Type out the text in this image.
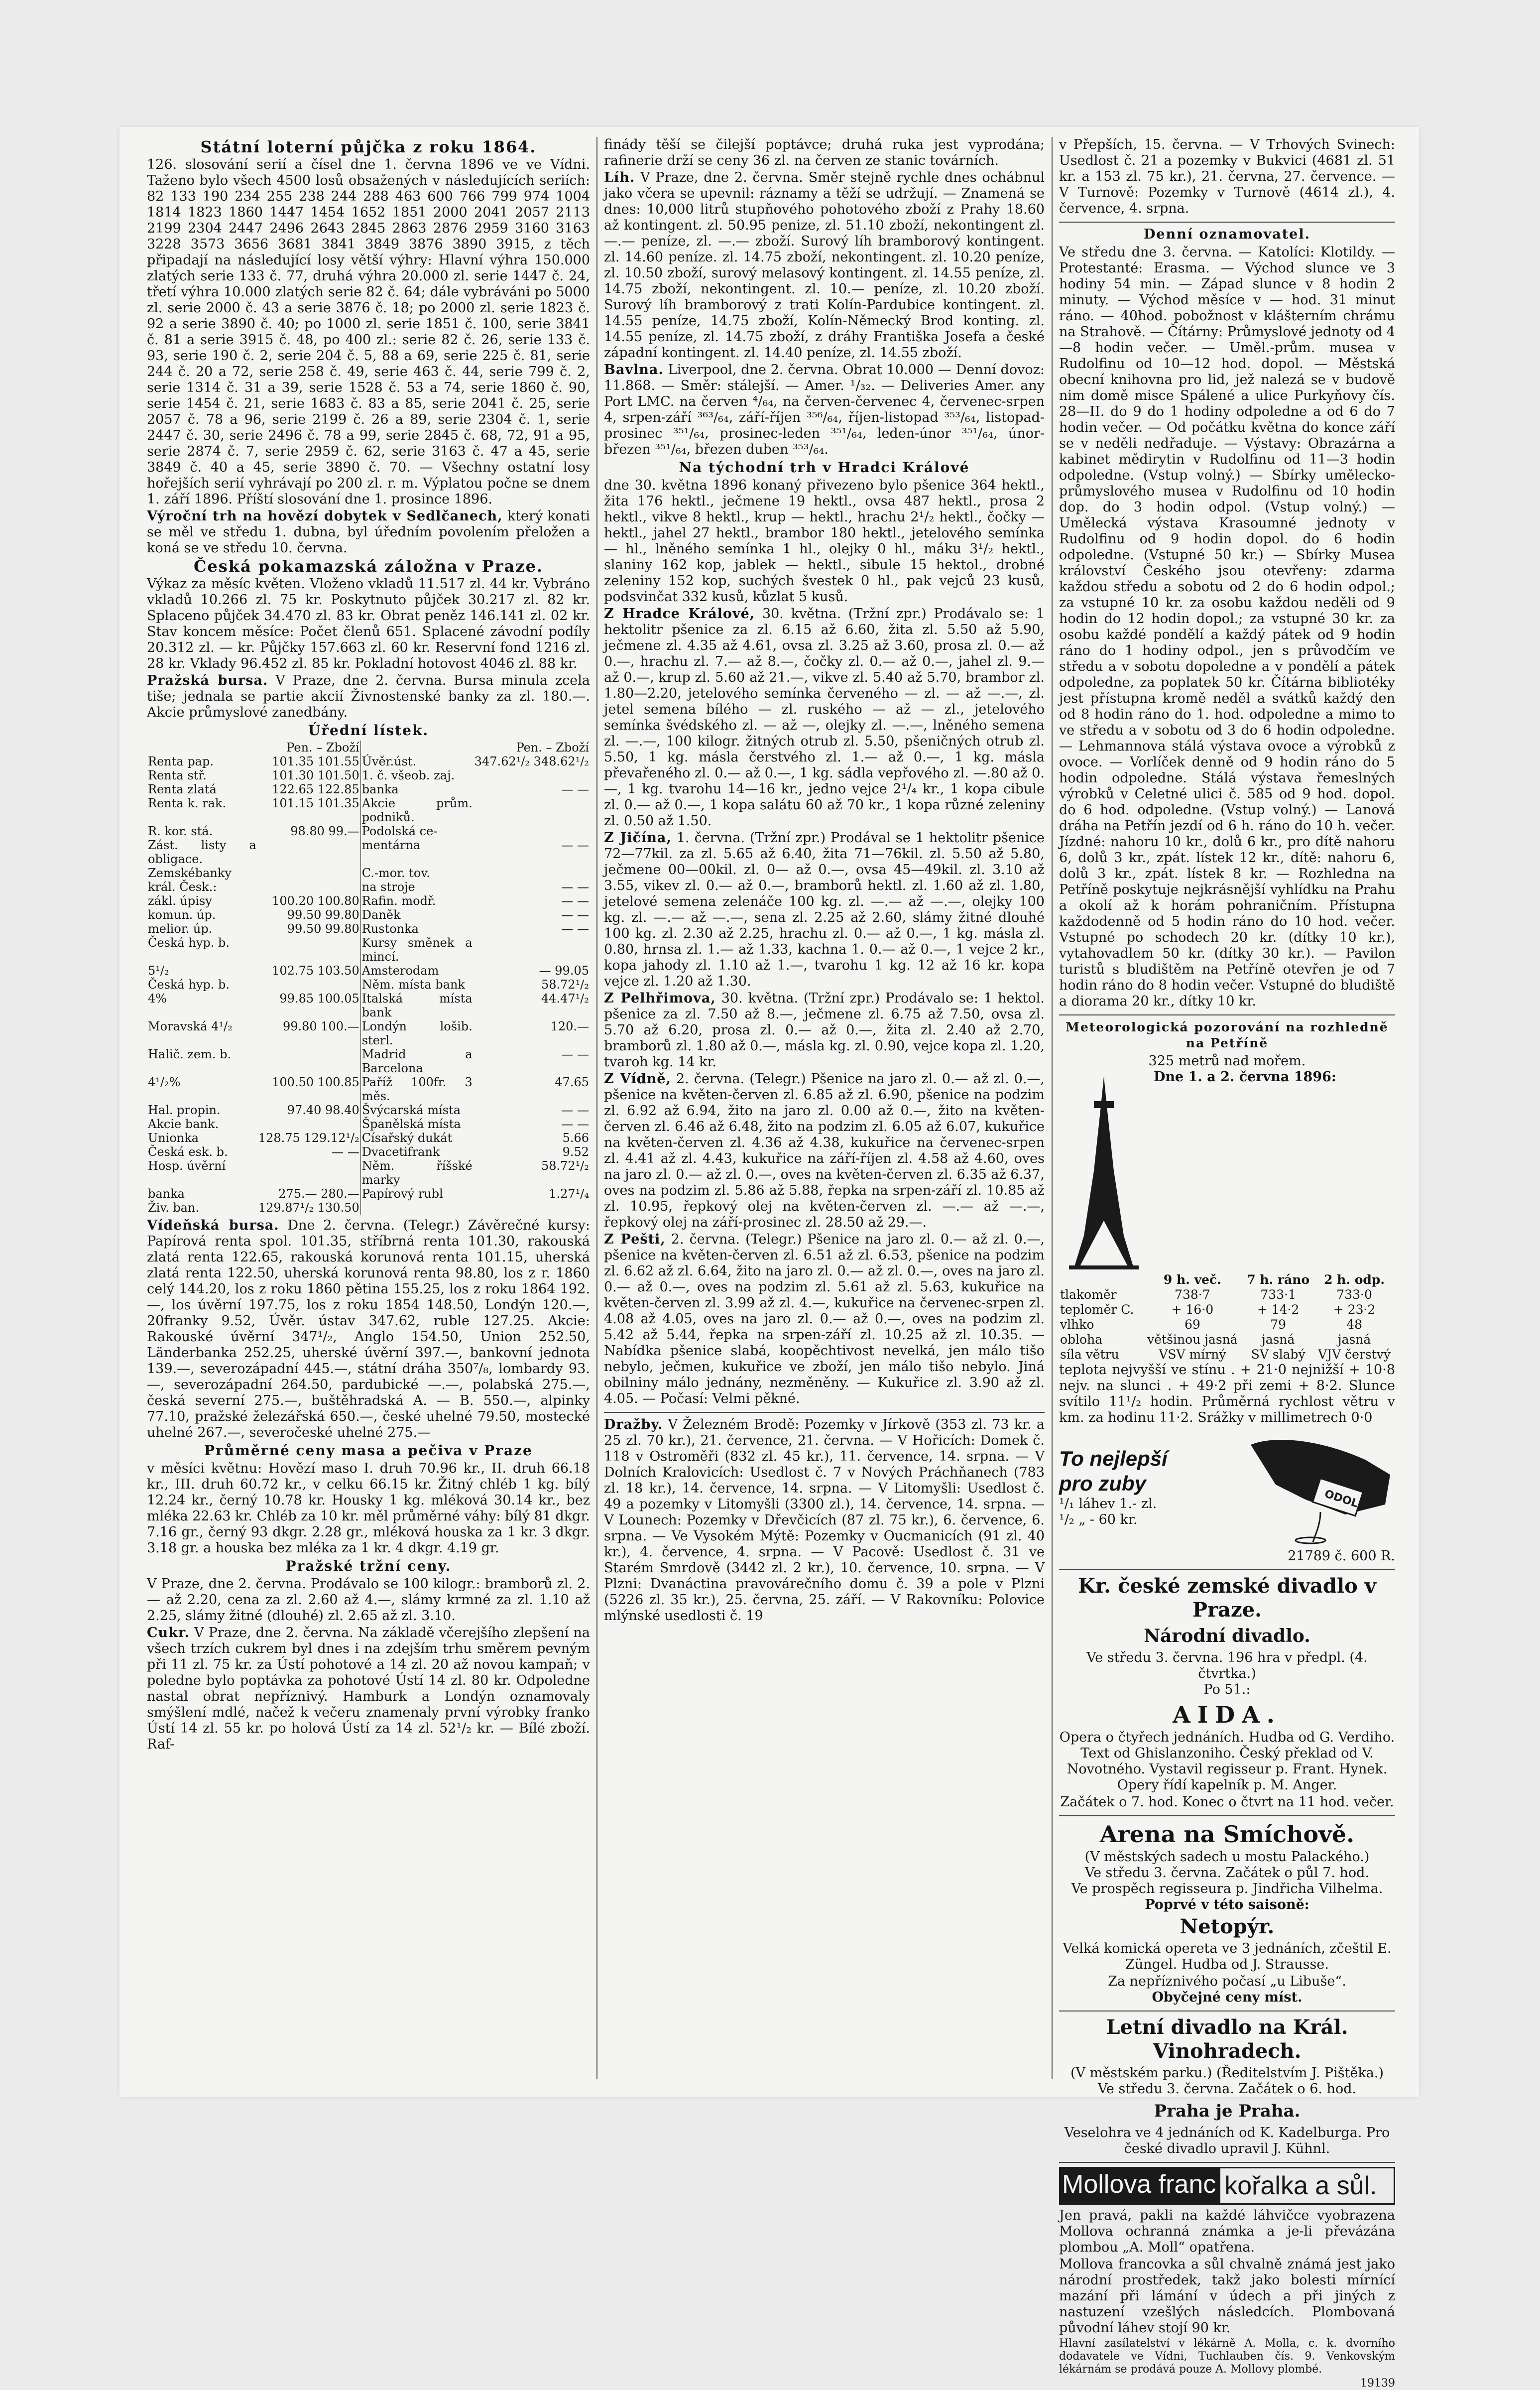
Státní loterní půjčka z roku 1864.

126. slosování serií a čísel dne 1. června 1896 ve ve Vídni. Taženo bylo všech 4500 losů obsažených v následujících seriích: 82 133 190 234 255 238 244 288 463 600 766 799 974 1004 1814 1823 1860 1447 1454 1652 1851 2000 2041 2057 2113 2199 2304 2447 2496 2643 2845 2863 2876 2959 3160 3163 3228 3573 3656 3681 3841 3849 3876 3890 3915, z těch připadají na následující losy větší výhry: Hlavní výhra 150.000 zlatých serie 133 č. 77, druhá výhra 20.000 zl. serie 1447 č. 24, třetí výhra 10.000 zlatých serie 82 č. 64; dále vybráváni po 5000 zl. serie 2000 č. 43 a serie 3876 č. 18; po 2000 zl. serie 1823 č. 92 a serie 3890 č. 40; po 1000 zl. serie 1851 č. 100, serie 3841 č. 81 a serie 3915 č. 48, po 400 zl.: serie 82 č. 26, serie 133 č. 93, serie 190 č. 2, serie 204 č. 5, 88 a 69, serie 225 č. 81, serie 244 č. 20 a 72, serie 258 č. 49, serie 463 č. 44, serie 799 č. 2, serie 1314 č. 31 a 39, serie 1528 č. 53 a 74, serie 1860 č. 90, serie 1454 č. 21, serie 1683 č. 83 a 85, serie 2041 č. 25, serie 2057 č. 78 a 96, serie 2199 č. 26 a 89, serie 2304 č. 1, serie 2447 č. 30, serie 2496 č. 78 a 99, serie 2845 č. 68, 72, 91 a 95, serie 2874 č. 7, serie 2959 č. 62, serie 3163 č. 47 a 45, serie 3849 č. 40 a 45, serie 3890 č. 70. — Všechny ostatní losy hořejších serií vyhrávají po 200 zl. r. m. Výplatou počne se dnem 1. září 1896. Příští slosování dne 1. prosince 1896.

Výroční trh na hovězí dobytek v Sedlčanech, který konati se měl ve středu 1. dubna, byl úředním povolením přeložen a koná se ve středu 10. června.

Česká pokamazská záložna v Praze.

Výkaz za měsíc květen. Vloženo vkladů 11.517 zl. 44 kr. Vybráno vkladů 10.266 zl. 75 kr. Poskytnuto půjček 30.217 zl. 82 kr. Splaceno půjček 34.470 zl. 83 kr. Obrat peněz 146.141 zl. 02 kr. Stav koncem měsíce: Počet členů 651. Splacené závodní podíly 20.312 zl. — kr. Půjčky 157.663 zl. 60 kr. Reservní fond 1216 zl. 28 kr. Vklady 96.452 zl. 85 kr. Pokladní hotovost 4046 zl. 88 kr.

Pražská bursa. V Praze, dne 2. června. Bursa minula zcela tiše; jednala se partie akcií Živnostenské banky za zl. 180.—. Akcie průmyslové zanedbány.

Úřední lístek.
	Pen. – Zboží		Pen. – Zboží
Renta pap.	101.35 101.55	Úvěr.úst.	347.62¹/₂ 348.62¹/₂
Renta stř.	101.30 101.50	1. č. všeob. zaj.	
Renta zlatá	122.65 122.85	banka	— —
Renta k. rak.	101.15 101.35	Akcie prům. podniků.	
R. kor. stá.	98.80 99.—	Podolská ce-	
Zást. listy a obligace.		mentárna	— —
Zemskébanky		C.-mor. tov.	
král. Česk.:		na stroje	— —
zákl. úpisy	100.20 100.80	Rafin. modř.	— —
komun. úp.	99.50 99.80	Daněk	— —
melior. úp.	99.50 99.80	Rustonka	— —
Česká hyp. b.		Kursy směnek a mincí.	
5¹/₂	102.75 103.50	Amsterodam	— 99.05
Česká hyp. b.		Něm. místa bank	58.72¹/₂
4%	99.85 100.05	Italská místa bank	44.47¹/₂
Moravská 4¹/₂	99.80 100.—	Londýn lošib. sterl.	120.—
Halič. zem. b.		Madrid a Barcelona	— —
4¹/₂%	100.50 100.85	Paříž 100fr. 3 měs.	47.65
Hal. propin.	97.40 98.40	Švýcarská místa	— —
Akcie bank.		Španělská místa	— —
Unionka	128.75 129.12¹/₂	Císařský dukát	5.66
Česká esk. b.	— —	Dvacetifrank	9.52
Hosp. úvěrní		Něm. říšské marky	58.72¹/₂
banka	275.— 280.—	Papírový rubl	1.27¹/₄
Živ. ban.	129.87¹/₂ 130.50		

Vídeňská bursa. Dne 2. června. (Telegr.) Závěrečné kursy: Papírová renta spol. 101.35, stříbrná renta 101.30, rakouská zlatá renta 122.65, rakouská korunová renta 101.15, uherská zlatá renta 122.50, uherská korunová renta 98.80, los z r. 1860 celý 144.20, los z roku 1860 pětina 155.25, los z roku 1864 192.—, los úvěrní 197.75, los z roku 1854 148.50, Londýn 120.—, 20franky 9.52, Úvěr. ústav 347.62, ruble 127.25. Akcie: Rakouské úvěrní 347¹/₂, Anglo 154.50, Union 252.50, Länderbanka 252.25, uherské úvěrní 397.—, bankovní jednota 139.—, severozápadní 445.—, státní dráha 350⁷/₈, lombardy 93.—, severozápadní 264.50, pardubické —.—, polabská 275.—, česká severní 275.—, buštěhradská A. — B. 550.—, alpinky 77.10, pražské železářská 650.—, české uhelné 79.50, mostecké uhelné 267.—, severočeské uhelné 275.—

Průměrné ceny masa a pečiva v Praze

v měsíci květnu: Hovězí maso I. druh 70.96 kr., II. druh 66.18 kr., III. druh 60.72 kr., v celku 66.15 kr. Žitný chléb 1 kg. bílý 12.24 kr., černý 10.78 kr. Housky 1 kg. mléková 30.14 kr., bez mléka 22.63 kr. Chléb za 10 kr. měl průměrné váhy: bílý 81 dkgr. 7.16 gr., černý 93 dkgr. 2.28 gr., mléková houska za 1 kr. 3 dkgr. 3.18 gr. a houska bez mléka za 1 kr. 4 dkgr. 4.19 gr.

Pražské tržní ceny.

V Praze, dne 2. června. Prodávalo se 100 kilogr.: bramborů zl. 2.— až 2.20, cena za zl. 2.60 až 4.—, slámy krmné za zl. 1.10 až 2.25, slámy žitné (dlouhé) zl. 2.65 až zl. 3.10.

Cukr. V Praze, dne 2. června. Na základě včerejšího zlepšení na všech trzích cukrem byl dnes i na zdejším trhu směrem pevným při 11 zl. 75 kr. za Ústí pohotové a 14 zl. 20 až novou kampaň; v poledne bylo poptávka za pohotové Ústí 14 zl. 80 kr. Odpoledne nastal obrat nepříznivý. Hamburk a Londýn oznamovaly smýšlení mdlé, načež k večeru znamenaly první výrobky franko Ústí 14 zl. 55 kr. po holová Ústí za 14 zl. 52¹/₂ kr. — Bílé zboží. Raf-

finády těší se čilejší poptávce; druhá ruka jest vyprodána; rafinerie drží se ceny 36 zl. na červen ze stanic továrních.

Líh. V Praze, dne 2. června. Směr stejně rychle dnes ochábnul jako včera se upevnil: ráznamy a těží se udržují. — Znamená se dnes: 10,000 litrů stupňového pohotového zboží z Prahy 18.60 až kontingent. zl. 50.95 penize, zl. 51.10 zboží, nekontingent zl. —.— peníze, zl. —.— zboží. Surový líh bramborový kontingent. zl. 14.60 peníze. zl. 14.75 zboží, nekontingent. zl. 10.20 peníze, zl. 10.50 zboží, surový melasový kontingent. zl. 14.55 peníze, zl. 14.75 zboží, nekontingent. zl. 10.— peníze, zl. 10.20 zboží. Surový líh bramborový z trati Kolín-Pardubice kontingent. zl. 14.55 peníze, 14.75 zboží, Kolín-Německý Brod konting. zl. 14.55 peníze, zl. 14.75 zboží, z dráhy Františka Josefa a české západní kontingent. zl. 14.40 peníze, zl. 14.55 zboží.

Bavlna. Liverpool, dne 2. června. Obrat 10.000 — Denní dovoz: 11.868. — Směr: stálejší. — Amer. ¹/₃₂. — Deliveries Amer. any Port LMC. na červen ⁴/₆₄, na červen-červenec 4, červenec-srpen 4, srpen-září ³⁶³/₆₄, září-říjen ³⁵⁶/₆₄, říjen-listopad ³⁵³/₆₄, listopad-prosinec ³⁵¹/₆₄, prosinec-leden ³⁵¹/₆₄, leden-únor ³⁵¹/₆₄, únor-březen ³⁵¹/₆₄, březen duben ³⁵³/₆₄.

Na týchodní trh v Hradci Králové

dne 30. května 1896 konaný přivezeno bylo pšenice 364 hektl., žita 176 hektl., ječmene 19 hektl., ovsa 487 hektl., prosa 2 hektl., vikve 8 hektl., krup — hektl., hrachu 2¹/₂ hektl., čočky — hektl., jahel 27 hektl., brambor 180 hektl., jetelového semínka — hl., lněného semínka 1 hl., olejky 0 hl., máku 3¹/₂ hektl., slaniny 162 kop, jablek — hektl., sibule 15 hektol., drobné zeleniny 152 kop, suchých švestek 0 hl., pak vejců 23 kusů, podsvinčat 332 kusů, kůzlat 5 kusů.

Z Hradce Králové, 30. května. (Tržní zpr.) Prodávalo se: 1 hektolitr pšenice za zl. 6.15 až 6.60, žita zl. 5.50 až 5.90, ječmene zl. 4.35 až 4.61, ovsa zl. 3.25 až 3.60, prosa zl. 0.— až 0.—, hrachu zl. 7.— až 8.—, čočky zl. 0.— až 0.—, jahel zl. 9.— až 0.—, krup zl. 5.60 až 21.—, vikve zl. 5.40 až 5.70, brambor zl. 1.80—2.20, jetelového semínka červeného — zl. — až —.—, zl. jetel semena bílého — zl. ruského — až — zl., jetelového semínka švédského zl. — až —, olejky zl. —.—, lněného semena zl. —.—, 100 kilogr. žitných otrub zl. 5.50, pšeničných otrub zl. 5.50, 1 kg. másla čerstvého zl. 1.— až 0.—, 1 kg. másla převařeného zl. 0.— až 0.—, 1 kg. sádla vepřového zl. —.80 až 0.—, 1 kg. tvarohu 14—16 kr., jedno vejce 2¹/₄ kr., 1 kopa cibule zl. 0.— až 0.—, 1 kopa salátu 60 až 70 kr., 1 kopa různé zeleniny zl. 0.50 až 1.50.

Z Jičína, 1. června. (Tržní zpr.) Prodával se 1 hektolitr pšenice 72—77kil. za zl. 5.65 až 6.40, žita 71—76kil. zl. 5.50 až 5.80, ječmene 00—00kil. zl. 0— až 0.—, ovsa 45—49kil. zl. 3.10 až 3.55, vikev zl. 0.— až 0.—, bramborů hektl. zl. 1.60 až zl. 1.80, jetelové semena zelenáče 100 kg. zl. —.— až —.—, olejky 100 kg. zl. —.— až —.—, sena zl. 2.25 až 2.60, slámy žitné dlouhé 100 kg. zl. 2.30 až 2.25, hrachu zl. 0.— až 0.—, 1 kg. másla zl. 0.80, hrnsa zl. 1.— až 1.33, kachna 1. 0.— až 0.—, 1 vejce 2 kr., kopa jahody zl. 1.10 až 1.—, tvarohu 1 kg. 12 až 16 kr. kopa vejce zl. 1.20 až 1.30.

Z Pelhřimova, 30. května. (Tržní zpr.) Prodávalo se: 1 hektol. pšenice za zl. 7.50 až 8.—, ječmene zl. 6.75 až 7.50, ovsa zl. 5.70 až 6.20, prosa zl. 0.— až 0.—, žita zl. 2.40 až 2.70, bramborů zl. 1.80 až 0.—, másla kg. zl. 0.90, vejce kopa zl. 1.20, tvaroh kg. 14 kr.

Z Vídně, 2. června. (Telegr.) Pšenice na jaro zl. 0.— až zl. 0.—, pšenice na květen-červen zl. 6.85 až zl. 6.90, pšenice na podzim zl. 6.92 až 6.94, žito na jaro zl. 0.00 až 0.—, žito na květen-červen zl. 6.46 až 6.48, žito na podzim zl. 6.05 až 6.07, kukuřice na květen-červen zl. 4.36 až 4.38, kukuřice na červenec-srpen zl. 4.41 až zl. 4.43, kukuřice na září-říjen zl. 4.58 až 4.60, oves na jaro zl. 0.— až zl. 0.—, oves na květen-červen zl. 6.35 až 6.37, oves na podzim zl. 5.86 až 5.88, řepka na srpen-září zl. 10.85 až zl. 10.95, řepkový olej na květen-červen zl. —.— až —.—, řepkový olej na září-prosinec zl. 28.50 až 29.—.

Z Pešti, 2. června. (Telegr.) Pšenice na jaro zl. 0.— až zl. 0.—, pšenice na květen-červen zl. 6.51 až zl. 6.53, pšenice na podzim zl. 6.62 až zl. 6.64, žito na jaro zl. 0.— až zl. 0.—, oves na jaro zl. 0.— až 0.—, oves na podzim zl. 5.61 až zl. 5.63, kukuřice na květen-červen zl. 3.99 až zl. 4.—, kukuřice na červenec-srpen zl. 4.08 až 4.05, oves na jaro zl. 0.— až 0.—, oves na podzim zl. 5.42 až 5.44, řepka na srpen-září zl. 10.25 až zl. 10.35. — Nabídka pšenice slabá, koopěchtivost nevelká, jen málo tišo nebylo, ječmen, kukuřice ve zboží, jen málo tišo nebylo. Jiná obilniny málo jednány, nezměněny. — Kukuřice zl. 3.90 až zl. 4.05. — Počasí: Velmi pěkné.

Dražby. V Železném Brodě: Pozemky v Jírkově (353 zl. 73 kr. a 25 zl. 70 kr.), 21. července, 21. června. — V Hořicích: Domek č. 118 v Ostroměři (832 zl. 45 kr.), 11. července, 14. srpna. — V Dolních Kralovicích: Usedlost č. 7 v Nových Práchňanech (783 zl. 18 kr.), 14. července, 14. srpna. — V Litomyšli: Usedlost č. 49 a pozemky v Litomyšli (3300 zl.), 14. července, 14. srpna. — V Lounech: Pozemky v Dřevčicích (87 zl. 75 kr.), 6. července, 6. srpna. — Ve Vysokém Mýtě: Pozemky v Oucmanicích (91 zl. 40 kr.), 4. července, 4. srpna. — V Pacově: Usedlost č. 31 ve Starém Smrdově (3442 zl. 2 kr.), 10. července, 10. srpna. — V Plzni: Dvanáctina pravovárečního domu č. 39 a pole v Plzni (5226 zl. 35 kr.), 25. června, 25. září. — V Rakovníku: Polovice mlýnské usedlosti č. 19

v Přepších, 15. června. — V Trhových Svinech: Usedlost č. 21 a pozemky v Bukvici (4681 zl. 51 kr. a 153 zl. 75 kr.), 21. června, 27. července. — V Turnově: Pozemky v Turnově (4614 zl.), 4. července, 4. srpna.

Denní oznamovatel.

Ve středu dne 3. června. — Katolíci: Klotildy. — Protestanté: Erasma. — Východ slunce ve 3 hodiny 54 min. — Západ slunce v 8 hodin 2 minuty. — Východ měsíce v — hod. 31 minut ráno. — 40hod. pobožnost v klášterním chrámu na Strahově. — Čítárny: Průmyslové jednoty od 4—8 hodin večer. — Uměl.-prům. musea v Rudolfinu od 10—12 hod. dopol. — Městská obecní knihovna pro lid, jež nalezá se v budově nim domě misce Spálené a ulice Purkyňovy čís. 28—II. do 9 do 1 hodiny odpoledne a od 6 do 7 hodin večer. — Od počátku května do konce září se v neděli nedřaduje. — Výstavy: Obrazárna a kabinet mědirytin v Rudolfinu od 11—3 hodin odpoledne. (Vstup volný.) — Sbírky umělecko-průmyslového musea v Rudolfinu od 10 hodin dop. do 3 hodin odpol. (Vstup volný.) — Umělecká výstava Krasoumné jednoty v Rudolfinu od 9 hodin dopol. do 6 hodin odpoledne. (Vstupné 50 kr.) — Sbírky Musea království Českého jsou otevřeny: zdarma každou středu a sobotu od 2 do 6 hodin odpol.; za vstupné 10 kr. za osobu každou neděli od 9 hodin do 12 hodin dopol.; za vstupné 30 kr. za osobu každé pondělí a každý pátek od 9 hodin ráno do 1 hodiny odpol., jen s průvodčím ve středu a v sobotu dopoledne a v pondělí a pátek odpoledne, za poplatek 50 kr. Čítárna bibliotéky jest přístupna kromě neděl a svátků každý den od 8 hodin ráno do 1. hod. odpoledne a mimo to ve středu a v sobotu od 3 do 6 hodin odpoledne. — Lehmannova stálá výstava ovoce a výrobků z ovoce. — Vorlíček denně od 9 hodin ráno do 5 hodin odpoledne. Stálá výstava řemeslných výrobků v Celetné ulici č. 585 od 9 hod. dopol. do 6 hod. odpoledne. (Vstup volný.) — Lanová dráha na Petřín jezdí od 6 h. ráno do 10 h. večer. Jízdné: nahoru 10 kr., dolů 6 kr., pro dítě nahoru 6, dolů 3 kr., zpát. lístek 12 kr., dítě: nahoru 6, dolů 3 kr., zpát. lístek 8 kr. — Rozhledna na Petříně poskytuje nejkrásnější vyhlídku na Prahu a okolí až k horám pohraničním. Přístupna každodenně od 5 hodin ráno do 10 hod. večer. Vstupné po schodech 20 kr. (dítky 10 kr.), vytahovadlem 50 kr. (dítky 30 kr.). — Pavilon turistů s bludištěm na Petříně otevřen je od 7 hodin ráno do 8 hodin večer. Vstupné do bludiště a diorama 20 kr., dítky 10 kr.

Meteorologická pozorování na rozhledně na Petříně
325 metrů nad mořem.
Dne 1. a 2. června 1896:
	9 h. več.	7 h. ráno	2 h. odp.
tlakoměr	738·7	733·1	733·0
teploměr C.	+ 16·0	+ 14·2	+ 23·2
vlhko	69	79	48
obloha	většinou jasná	jasná	jasná
síla větru	VSV mírný	SV slabý	VJV čerstvý

teplota nejvyšší ve stínu . + 21·0 nejnižší + 10·8 nejv. na slunci . + 49·2 při zemi + 8·2. Slunce svítilo 11¹/₂ hodin. Průměrná rychlost větru v km. za hodinu 11·2. Srážky v millimetrech 0·0

To nejlepší
pro zuby
¹/₁ láhev 1.- zl.
¹/₂ „ - 60 kr.
ODOL
21789 č. 600 R.
Kr. české zemské divadlo v Praze.
Národní divadlo.
Ve středu 3. června. 196 hra v předpl. (4. čtvrtka.)
Po 51.:
AIDA.

Opera o čtyřech jednáních. Hudba od G. Verdiho. Text od Ghislanzoniho. Český překlad od V. Novotného. Vystavil regisseur p. Frant. Hynek. Opery řídí kapelník p. M. Anger.

Začátek o 7. hod. Konec o čtvrt na 11 hod. večer.
Arena na Smíchově.
(V městských sadech u mostu Palackého.)
Ve středu 3. června. Začátek o půl 7. hod.
Ve prospěch regisseura p. Jindřicha Vilhelma.
Poprvé v této saisoně:
Netopýr.

Velká komická opereta ve 3 jednáních, zčeštil E. Züngel. Hudba od J. Strausse.

Za nepříznivého počasí „u Libuše“.
Obyčejné ceny míst.
Letní divadlo na Král. Vinohradech.
(V městském parku.) (Ředitelstvím J. Pištěka.)
Ve středu 3. června. Začátek o 6. hod.
Praha je Praha.

Veselohra ve 4 jednáních od K. Kadelburga. Pro české divadlo upravil J. Kühnl.

Mollova franc kořalka a sůl.

Jen pravá, pakli na každé láhvičce vyobrazena Mollova ochranná známka a je-li převázána plombou „A. Moll“ opatřena.

Mollova francovka a sůl chvalně známá jest jako národní prostředek, takž jako bolesti mírnící mazání při lámání v údech a při jiných z nastuzení vzešlých následcích. Plombovaná původní láhev stojí 90 kr.

Hlavní zasílatelství v lékárně A. Molla, c. k. dvorního dodavatele ve Vídni, Tuchlauben čís. 9. Venkovským lékárnám se prodává pouze A. Mollovy plombé.

19139
